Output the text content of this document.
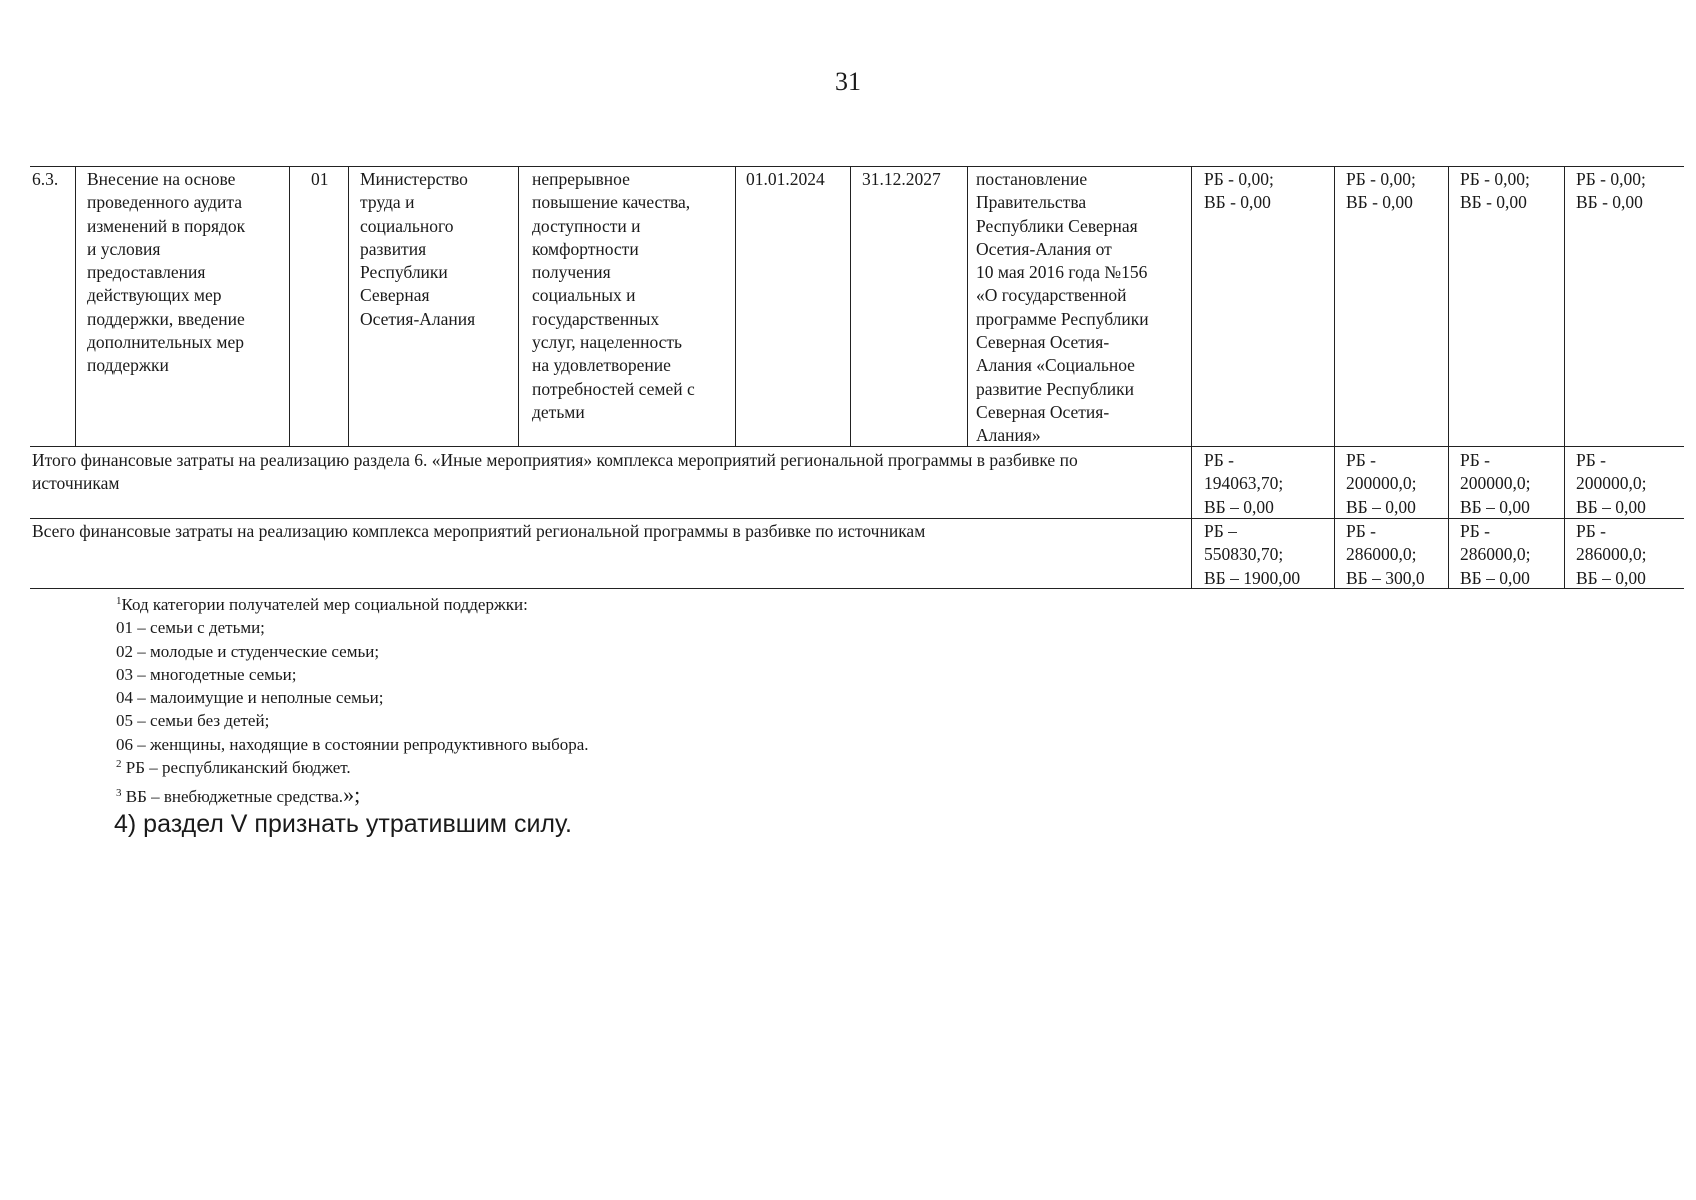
31
6.3. Внесение на основе
проведенного аудита
изменений в порядок
и условия
предоставления
действующих мер
поддержки, введение
дополнительных мер
поддержки
01 Министерство
труда и
социального
развития
Республики
Северная
Осетия-Алания
непрерывное
повышение качества,
доступности и
комфортности
получения
социальных и
государственных
услуг, нацеленность
на удовлетворение
потребностей семей с
детьми
01.01.2024 31.12.2027 постановление
Правительства
Республики Северная
Осетия-Алания от
10 мая 2016 года №156
«О государственной
программе Республики
Северная Осетия-
Алания «Социальное
развитие Республики
Северная Осетия-
Алания»
РБ - 0,00;
ВБ - 0,00
РБ - 0,00;
ВБ - 0,00
РБ - 0,00;
ВБ - 0,00
РБ - 0,00;
ВБ - 0,00
Итого финансовые затраты на реализацию раздела 6. «Иные мероприятия» комплекса мероприятий региональной программы в разбивке по источникам
РБ -
194063,70;
ВБ – 0,00
РБ -
200000,0;
ВБ – 0,00
РБ -
200000,0;
ВБ – 0,00
РБ -
200000,0;
ВБ – 0,00
Всего финансовые затраты на реализацию комплекса мероприятий региональной программы в разбивке по источникам	РБ –
550830,70;
ВБ – 1900,00
РБ -
286000,0;
ВБ – 300,0
РБ -
286000,0;
ВБ – 0,00
РБ -
286000,0;
ВБ – 0,00
$^1$Код категории получателей мер социальной поддержки:
01 – семьи с детьми;
02 – молодые и студенческие семьи;
03 – многодетные семьи;
04 – малоимущие и неполные семьи;
05 – семьи без детей;
06 – женщины, находящие в состоянии репродуктивного выбора.
$^2$ РБ – республиканский бюджет.
$^3$ ВБ – внебюджетные средства.»;
4) раздел V признать утратившим силу.
